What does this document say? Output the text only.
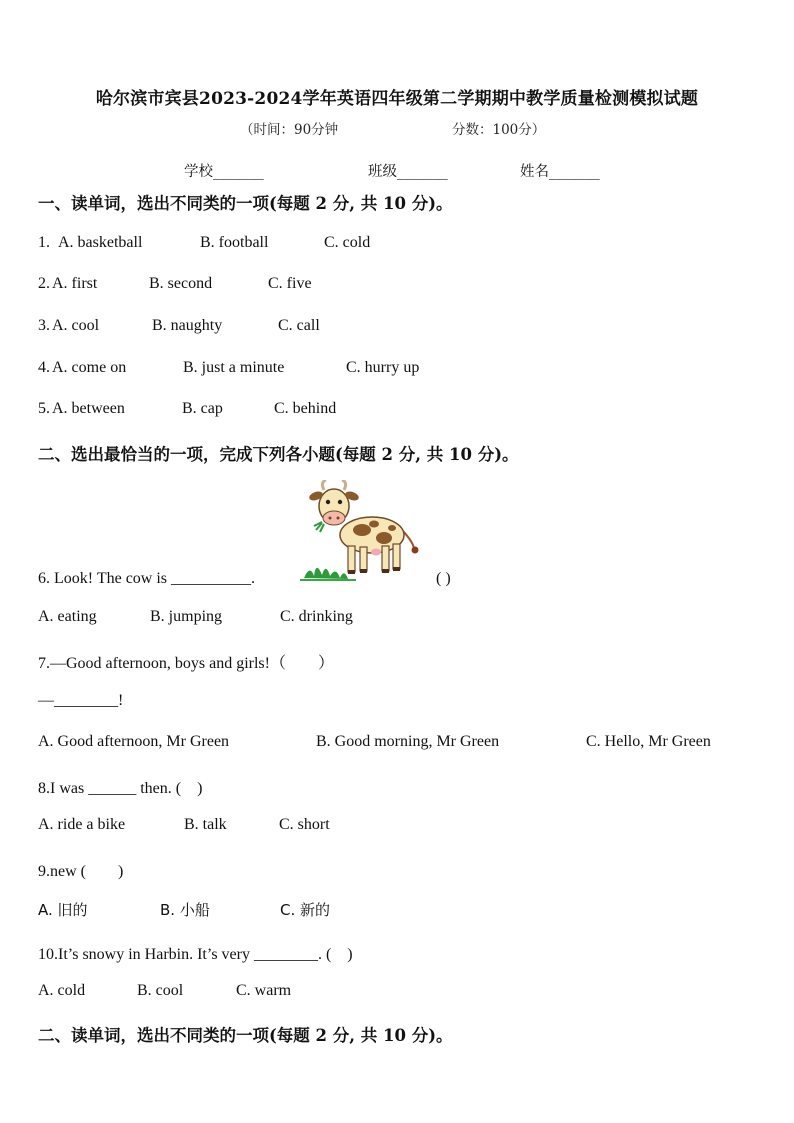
哈尔滨市宾县2023-2024学年英语四年级第二学期期中教学质量检测模拟试题
（时间：90分钟	分数：100分）
学校_______	班级_______	姓名_______
一、读单词，选出不同类的一项(每题 2 分, 共 10 分)。
1. A. basketball	B. football	C. cold
2. A. first	B. second	C. five
3. A. cool	B. naughty	C. call
4. A. come on	B. just a minute	C. hurry up
5. A. between	B. cap	C. behind
二、选出最恰当的一项，完成下列各小题(每题 2 分, 共 10 分)。
6. Look! The cow is __________.	( )
A. eating	B. jumping	C. drinking
7.—Good afternoon, boys and girls!（　　）
—________!
A. Good afternoon, Mr Green	B. Good morning, Mr Green	C. Hello, Mr Green
8.I was ______ then. (　)
A. ride a bike	B. talk	C. short
9.new (　　)
A. 旧的	B. 小船	C. 新的
10.It’s snowy in Harbin. It’s very ________. (　)
A. cold	B. cool	C. warm
二、读单词，选出不同类的一项(每题 2 分, 共 10 分)。
